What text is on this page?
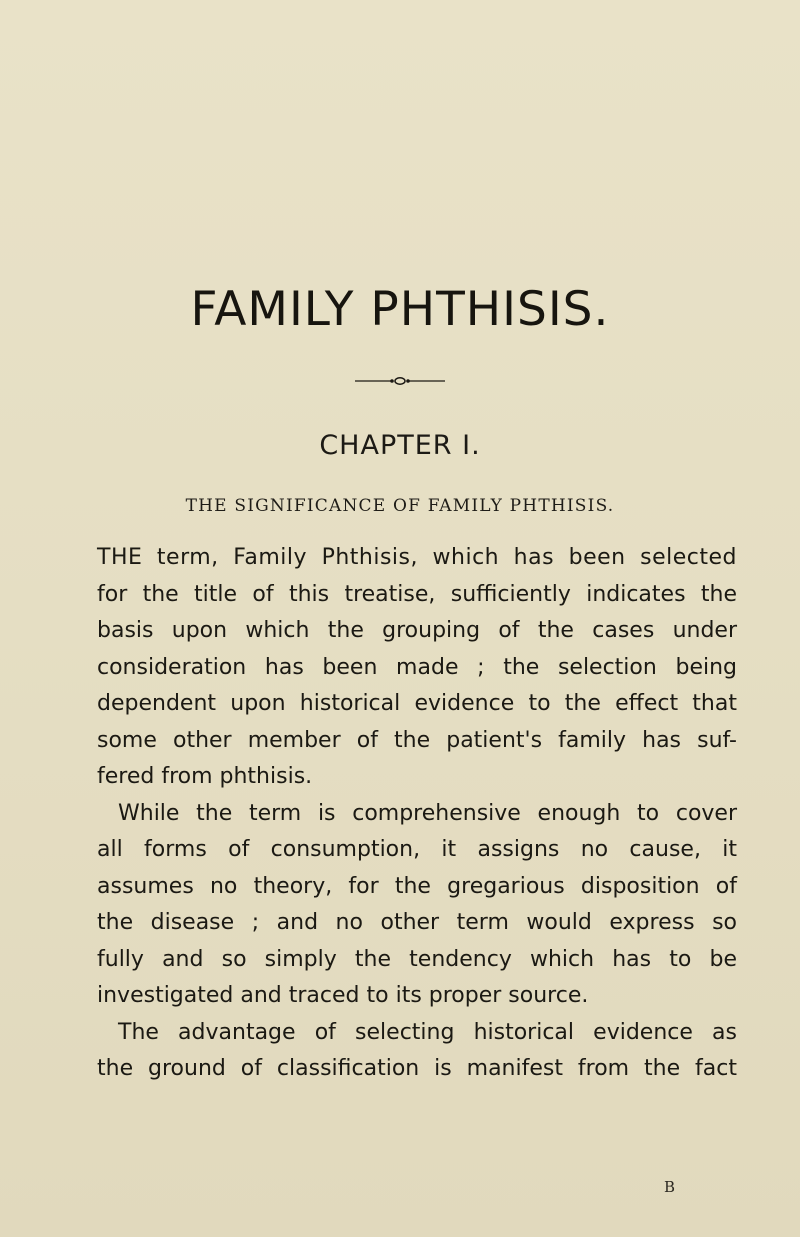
FAMILY PHTHISIS.
CHAPTER I.
THE SIGNIFICANCE OF FAMILY PHTHISIS.
THE term, Family Phthisis, which has been selected
for the title of this treatise, sufficiently indicates the
basis upon which the grouping of the cases under
consideration has been made ; the selection being
dependent upon historical evidence to the effect that
some other member of the patient's family has suf-
fered from phthisis.
While the term is comprehensive enough to cover
all forms of consumption, it assigns no cause, it
assumes no theory, for the gregarious disposition of
the disease ; and no other term would express so
fully and so simply the tendency which has to be
investigated and traced to its proper source.
The advantage of selecting historical evidence as
the ground of classification is manifest from the fact
B
